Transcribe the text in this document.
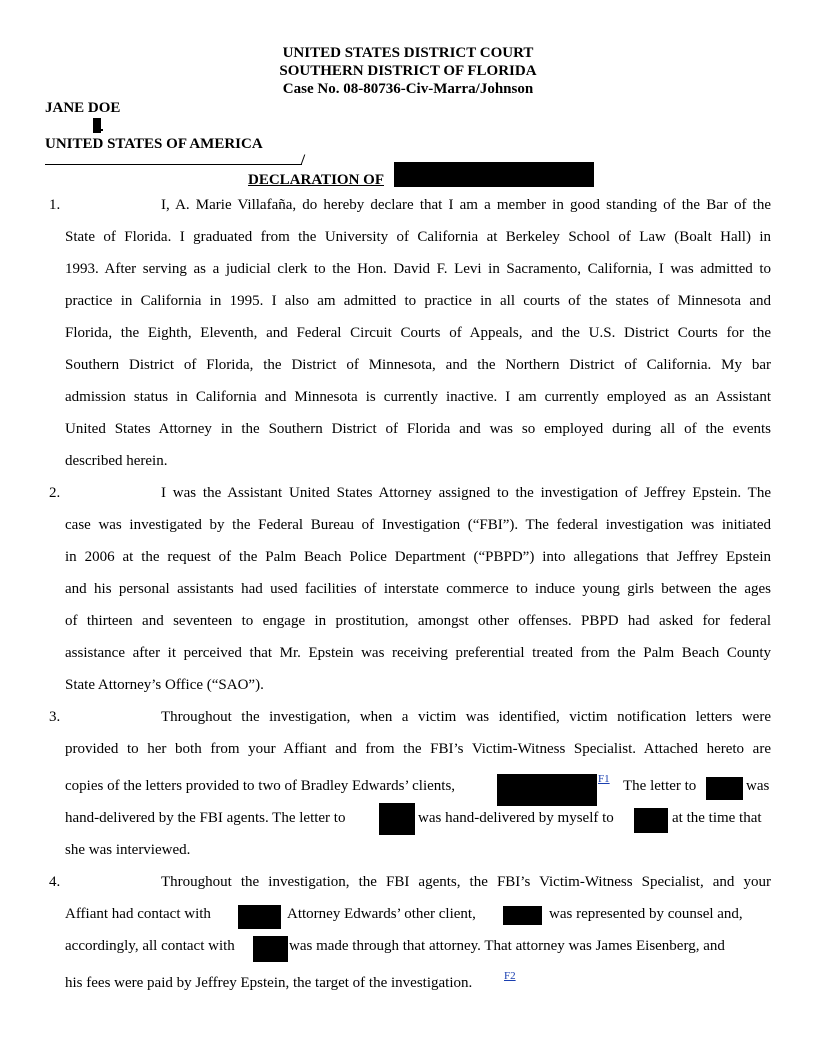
UNITED STATES DISTRICT COURT
SOUTHERN DISTRICT OF FLORIDA
Case No. 08-80736-Civ-Marra/Johnson
JANE DOE
UNITED STATES OF AMERICA
/
DECLARATION OF
1.	I, A. Marie Villafaña, do hereby declare that I am a member in good standing of the Bar of the
State of Florida. I graduated from the University of California at Berkeley School of Law (Boalt Hall) in
1993. After serving as a judicial clerk to the Hon. David F. Levi in Sacramento, California, I was admitted to
practice in California in 1995. I also am admitted to practice in all courts of the states of Minnesota and
Florida, the Eighth, Eleventh, and Federal Circuit Courts of Appeals, and the U.S. District Courts for the
Southern District of Florida, the District of Minnesota, and the Northern District of California. My bar
admission status in California and Minnesota is currently inactive. I am currently employed as an Assistant
United States Attorney in the Southern District of Florida and was so employed during all of the events
described herein.
2.	I was the Assistant United States Attorney assigned to the investigation of Jeffrey Epstein. The
case was investigated by the Federal Bureau of Investigation (“FBI”). The federal investigation was initiated
in 2006 at the request of the Palm Beach Police Department (“PBPD”) into allegations that Jeffrey Epstein
and his personal assistants had used facilities of interstate commerce to induce young girls between the ages
of thirteen and seventeen to engage in prostitution, amongst other offenses. PBPD had asked for federal
assistance after it perceived that Mr. Epstein was receiving preferential treated from the Palm Beach County
State Attorney’s Office (“SAO”).
3.	Throughout the investigation, when a victim was identified, victim notification letters were
provided to her both from your Affiant and from the FBI’s Victim-Witness Specialist. Attached hereto are
copies of the letters provided to two of Bradley Edwards’ clients,	F1 The letter to	was
hand-delivered by the FBI agents. The letter to	was hand-delivered by myself to	at the time that
she was interviewed.
4.	Throughout the investigation, the FBI agents, the FBI’s Victim-Witness Specialist, and your
Affiant had contact with	Attorney Edwards’ other client,	was represented by counsel and,
accordingly, all contact with	was made through that attorney. That attorney was James Eisenberg, and
his fees were paid by Jeffrey Epstein, the target of the investigation.	F2
